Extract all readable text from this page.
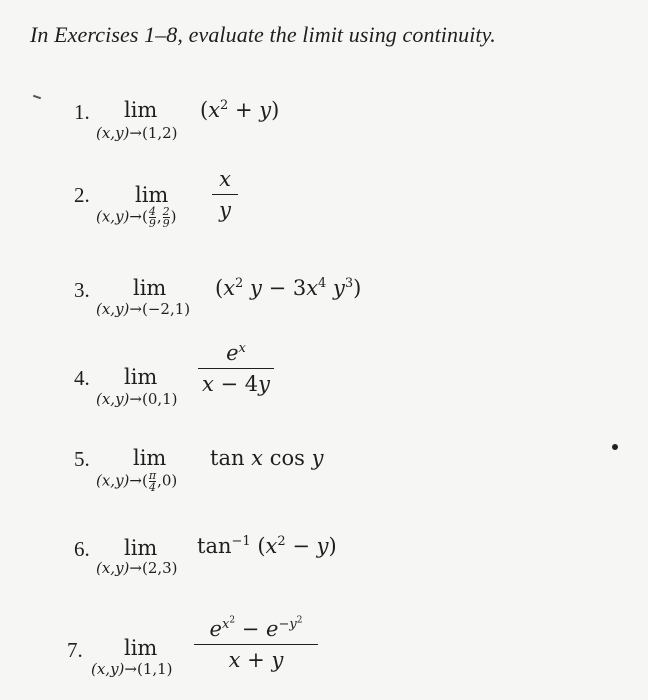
In Exercises 1–8, evaluate the limit using continuity.
1. lim
(x,y)→(1,2)
$(x^2 + y)$
2. lim
$(x,y)\to( \frac{4}{9}$ , $\frac{2}{9}$ )
x
y
3. lim
(x,y)→(−2,1)
($x^2$ $y - 3x^4$ $y^3$)
4. lim
(x,y)→(0,1)
$e^x$
x − 4y
5. lim
$(x,y)\to( \frac{\pi}{4} ,0)$
tan x cos y
6. lim
(x,y)→(2,3)
$\tan^{-1} (x^2 - y)$
7. lim
(x,y)→(1,1)
$e^{x^2} - e^{-y^2}$
x + y
